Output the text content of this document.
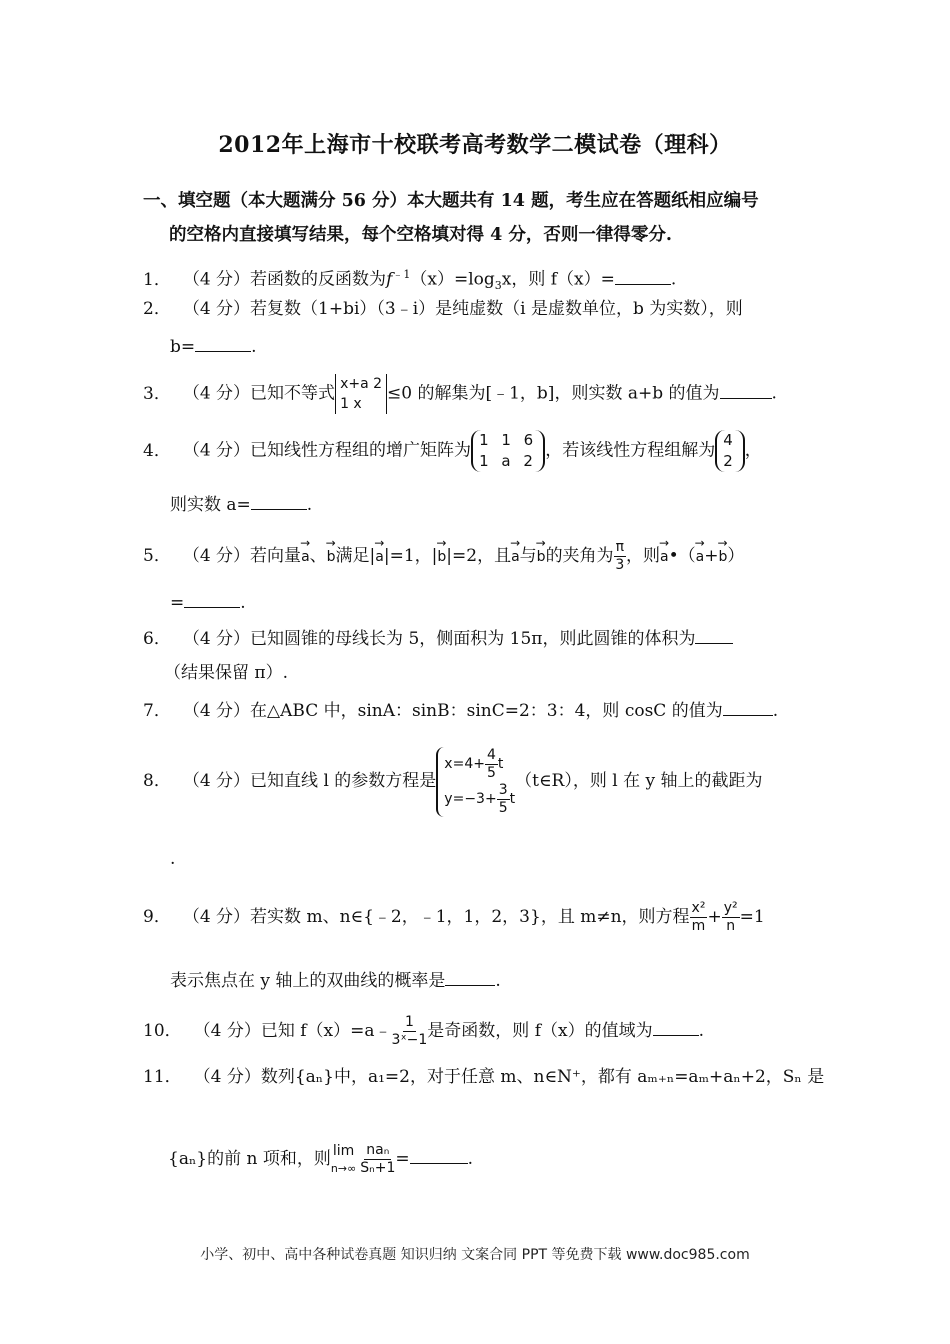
2012年上海市十校联考高考数学二模试卷（理科）
一、填空题（本大题满分 56 分）本大题共有 14 题，考生应在答题纸相应编号
的空格内直接填写结果，每个空格填对得 4 分，否则一律得零分.
1． （4 分）若函数的反函数为$f^{﹣1}(x)=\log_3x$，则 f（x）=	.
2． （4 分）若复数（1+bi）（3﹣i）是纯虚数（i 是虚数单位，b 为实数），则
b=	.
3． （4 分）已知不等式 x+a 2
1 x≤0 的解集为[﹣1，b]，则实数 a+b 的值为	.
4． （4 分）已知线性方程组的增广矩阵为1 1 6
1 a 2，若该线性方程组解为4
2，
则实数 a=	.
5． （4 分）若向量→ a、→ b满足|→ a|=1，|→ b|=2，且→ a与→ b的夹角为 $\frac{\pi}{3}$ ，则→ a•（→ a+→ b）
=	.
6． （4 分）已知圆锥的母线长为 5，侧面积为 15π，则此圆锥的体积为
（结果保留 π）.
7． （4 分）在△ABC 中，sinA：sinB：sinC=2：3：4，则 cosC 的值为	.
8． （4 分）已知直线 l 的参数方程是$x=4+ \frac{4}{5}$ t
$y=-3+ \frac{3}{5}$ t（t∈R），则 l 在 y 轴上的截距为
.
9． （4 分）若实数 m、n∈{﹣2，﹣1，1，2，3}，且 m≠n，则方程 $\frac{\text{x²}}{m} + \frac{\text{y²}}{n} =1$
表示焦点在 y 轴上的双曲线的概率是	.
10． （4 分）已知 f（x）=a﹣ $\frac{1}{\text{3ˣ−1}}$ 是奇函数，则 f（x）的值域为	.
11． （4 分）数列{aₙ}中，a₁=2，对于任意 m、n∈N⁺，都有 aₘ₊ₙ=aₘ+aₙ+2，Sₙ 是
{aₙ}的前 n 项和，则 lim
$n\to\infty \frac{\text{naₙ}}{\text{Sₙ+1}}$ =	.
小学、初中、高中各种试卷真题 知识归纳 文案合同 PPT 等免费下载 www.doc985.com
